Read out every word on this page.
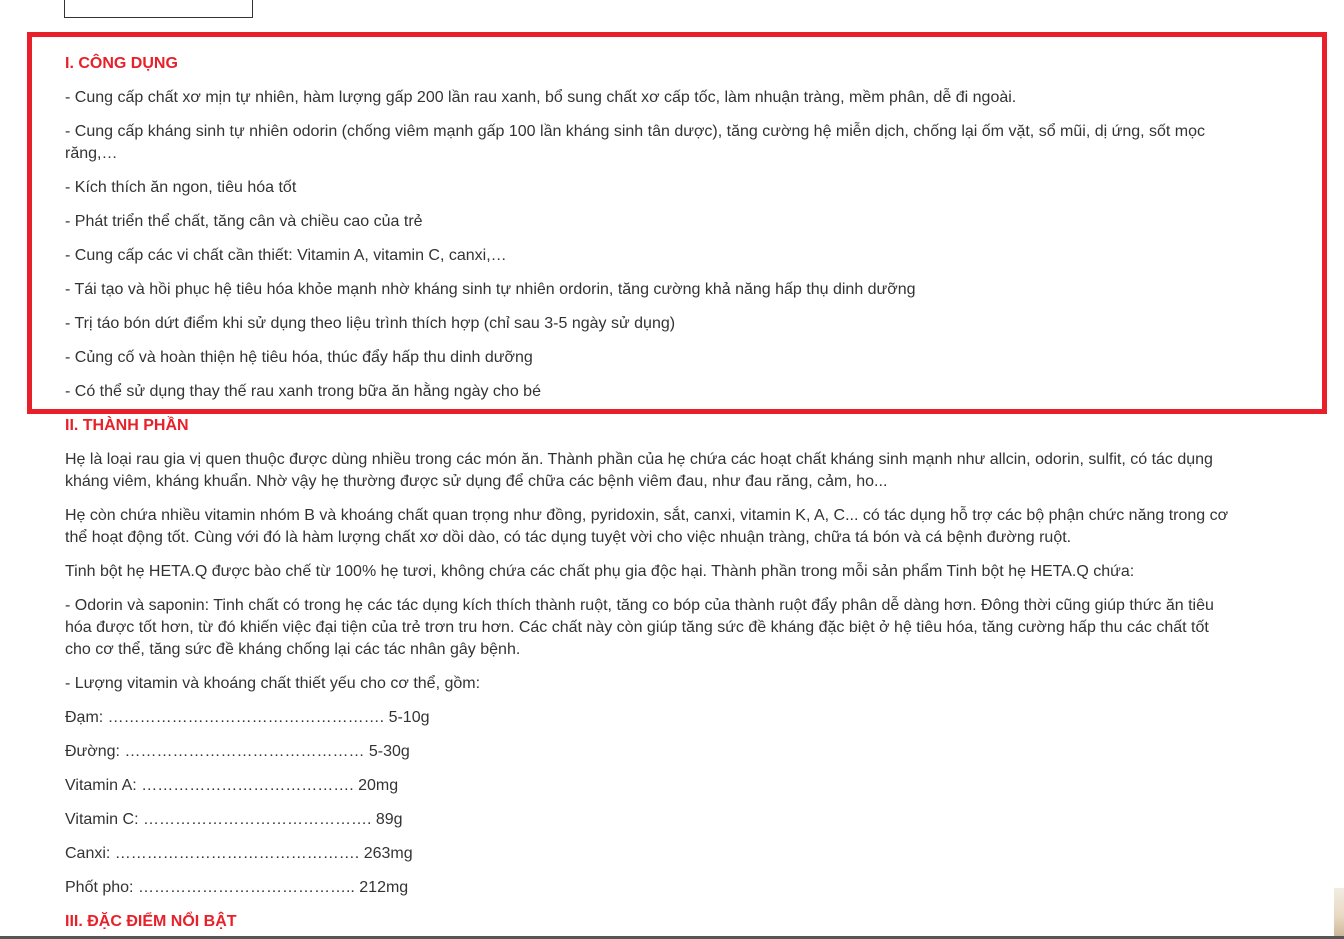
I. CÔNG DỤNG

- Cung cấp chất xơ mịn tự nhiên, hàm lượng gấp 200 lần rau xanh, bổ sung chất xơ cấp tốc, làm nhuận tràng, mềm phân, dễ đi ngoài.

- Cung cấp kháng sinh tự nhiên odorin (chống viêm mạnh gấp 100 lần kháng sinh tân dược), tăng cường hệ miễn dịch, chống lại ốm vặt, sổ mũi, dị ứng, sốt mọc răng,…

- Kích thích ăn ngon, tiêu hóa tốt

- Phát triển thể chất, tăng cân và chiều cao của trẻ

- Cung cấp các vi chất cần thiết: Vitamin A, vitamin C, canxi,…

- Tái tạo và hồi phục hệ tiêu hóa khỏe mạnh nhờ kháng sinh tự nhiên ordorin, tăng cường khả năng hấp thụ dinh dưỡng

- Trị táo bón dứt điểm khi sử dụng theo liệu trình thích hợp (chỉ sau 3-5 ngày sử dụng)

- Củng cố và hoàn thiện hệ tiêu hóa, thúc đẩy hấp thu dinh dưỡng

- Có thể sử dụng thay thế rau xanh trong bữa ăn hằng ngày cho bé

II. THÀNH PHẦN

Hẹ là loại rau gia vị quen thuộc được dùng nhiều trong các món ăn. Thành phần của hẹ chứa các hoạt chất kháng sinh mạnh như allcin, odorin, sulfit, có tác dụng kháng viêm, kháng khuẩn. Nhờ vậy hẹ thường được sử dụng để chữa các bệnh viêm đau, như đau răng, cảm, ho...

Hẹ còn chứa nhiều vitamin nhóm B và khoáng chất quan trọng như đồng, pyridoxin, sắt, canxi, vitamin K, A, C... có tác dụng hỗ trợ các bộ phận chức năng trong cơ thể hoạt động tốt. Cùng với đó là hàm lượng chất xơ dồi dào, có tác dụng tuyệt vời cho việc nhuận tràng, chữa tá bón và cá bệnh đường ruột.

Tinh bột hẹ HETA.Q được bào chế từ 100% hẹ tươi, không chứa các chất phụ gia độc hại. Thành phần trong mỗi sản phẩm Tinh bột hẹ HETA.Q chứa:

- Odorin và saponin: Tinh chất có trong hẹ các tác dụng kích thích thành ruột, tăng co bóp của thành ruột đẩy phân dễ dàng hơn. Đông thời cũng giúp thức ăn tiêu hóa được tốt hơn, từ đó khiến việc đại tiện của trẻ trơn tru hơn. Các chất này còn giúp tăng sức đề kháng đặc biệt ở hệ tiêu hóa, tăng cường hấp thu các chất tốt cho cơ thể, tăng sức đề kháng chống lại các tác nhân gây bệnh.

- Lượng vitamin và khoáng chất thiết yếu cho cơ thể, gồm:

Đạm: ……………………………………………. 5-10g
Đường: ……………………………………… 5-30g
Vitamin A: …………………………………. 20mg
Vitamin C: ……………………………………. 89g
Canxi: ………………………………………. 263mg
Phốt pho: ………………………………….. 212mg
III. ĐẶC ĐIỂM NỔI BẬT
